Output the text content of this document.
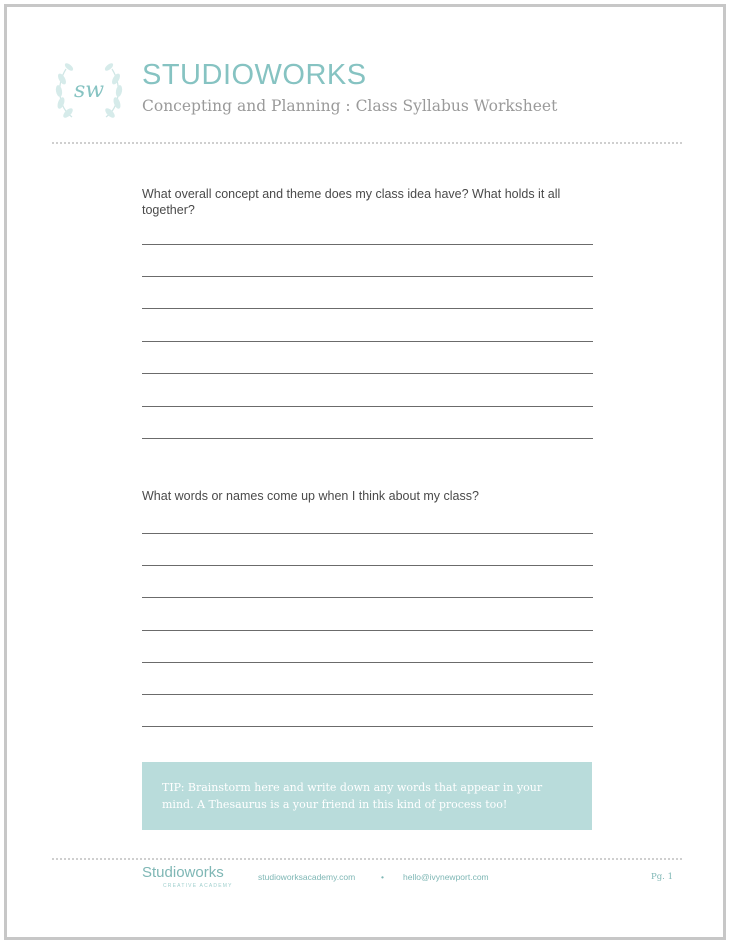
sw STUDIOWORKS
Concepting and Planning : Class Syllabus Worksheet
What overall concept and theme does my class idea have? What holds it all together?
What words or names come up when I think about my class?
TIP: Brainstorm here and write down any words that appear in your mind. A Thesaurus is a your friend in this kind of process too!
Studioworks
CREATIVE ACADEMY
studioworksacademy.com	• hello@ivynewport.com	Pg. 1
